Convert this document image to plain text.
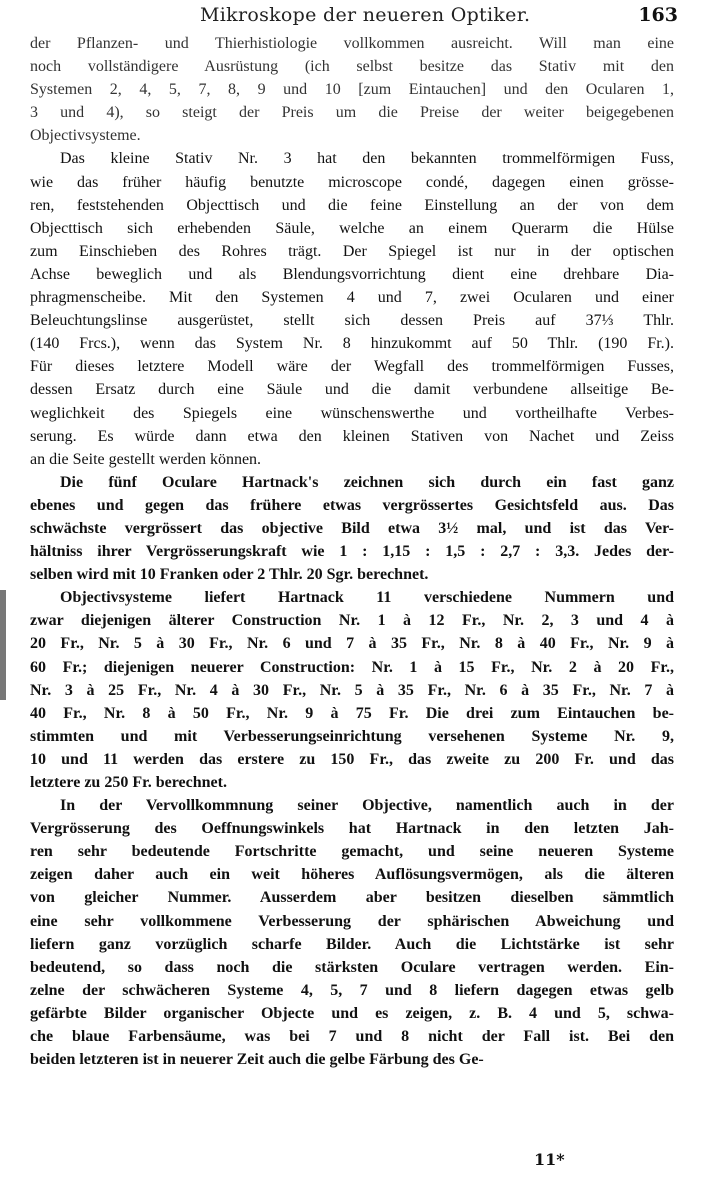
Mikroskope der neueren Optiker.	163

der Pflanzen- und Thierhistiologie vollkommen ausreicht. Will man eine
noch vollständigere Ausrüstung (ich selbst besitze das Stativ mit den
Systemen 2, 4, 5, 7, 8, 9 und 10 [zum Eintauchen] und den Ocularen 1,
3 und 4), so steigt der Preis um die Preise der weiter beigegebenen
Objectivsysteme.

Das kleine Stativ Nr. 3 hat den bekannten trommelförmigen Fuss,
wie das früher häufig benutzte microscope condé, dagegen einen grösse-
ren, feststehenden Objecttisch und die feine Einstellung an der von dem
Objecttisch sich erhebenden Säule, welche an einem Querarm die Hülse
zum Einschieben des Rohres trägt. Der Spiegel ist nur in der optischen
Achse beweglich und als Blendungsvorrichtung dient eine drehbare Dia-
phragmenscheibe. Mit den Systemen 4 und 7, zwei Ocularen und einer
Beleuchtungslinse ausgerüstet, stellt sich dessen Preis auf 37⅓ Thlr.
(140 Frcs.), wenn das System Nr. 8 hinzukommt auf 50 Thlr. (190 Fr.).
Für dieses letztere Modell wäre der Wegfall des trommelförmigen Fusses,
dessen Ersatz durch eine Säule und die damit verbundene allseitige Be-
weglichkeit des Spiegels eine wünschenswerthe und vortheilhafte Verbes-
serung. Es würde dann etwa den kleinen Stativen von Nachet und Zeiss
an die Seite gestellt werden können.

Die fünf Oculare Hartnack's zeichnen sich durch ein fast ganz
ebenes und gegen das frühere etwas vergrössertes Gesichtsfeld aus. Das
schwächste vergrössert das objective Bild etwa 3½ mal, und ist das Ver-
hältniss ihrer Vergrösserungskraft wie 1 : 1,15 : 1,5 : 2,7 : 3,3. Jedes der-
selben wird mit 10 Franken oder 2 Thlr. 20 Sgr. berechnet.

Objectivsysteme liefert Hartnack 11 verschiedene Nummern und
zwar diejenigen älterer Construction Nr. 1 à 12 Fr., Nr. 2, 3 und 4 à
20 Fr., Nr. 5 à 30 Fr., Nr. 6 und 7 à 35 Fr., Nr. 8 à 40 Fr., Nr. 9 à
60 Fr.; diejenigen neuerer Construction: Nr. 1 à 15 Fr., Nr. 2 à 20 Fr.,
Nr. 3 à 25 Fr., Nr. 4 à 30 Fr., Nr. 5 à 35 Fr., Nr. 6 à 35 Fr., Nr. 7 à
40 Fr., Nr. 8 à 50 Fr., Nr. 9 à 75 Fr. Die drei zum Eintauchen be-
stimmten und mit Verbesserungseinrichtung versehenen Systeme Nr. 9,
10 und 11 werden das erstere zu 150 Fr., das zweite zu 200 Fr. und das
letztere zu 250 Fr. berechnet.

In der Vervollkommnung seiner Objective, namentlich auch in der
Vergrösserung des Oeffnungswinkels hat Hartnack in den letzten Jah-
ren sehr bedeutende Fortschritte gemacht, und seine neueren Systeme
zeigen daher auch ein weit höheres Auflösungsvermögen, als die älteren
von gleicher Nummer. Ausserdem aber besitzen dieselben sämmtlich
eine sehr vollkommene Verbesserung der sphärischen Abweichung und
liefern ganz vorzüglich scharfe Bilder. Auch die Lichtstärke ist sehr
bedeutend, so dass noch die stärksten Oculare vertragen werden. Ein-
zelne der schwächeren Systeme 4, 5, 7 und 8 liefern dagegen etwas gelb
gefärbte Bilder organischer Objecte und es zeigen, z. B. 4 und 5, schwa-
che blaue Farbensäume, was bei 7 und 8 nicht der Fall ist. Bei den
beiden letzteren ist in neuerer Zeit auch die gelbe Färbung des Ge-

11*
